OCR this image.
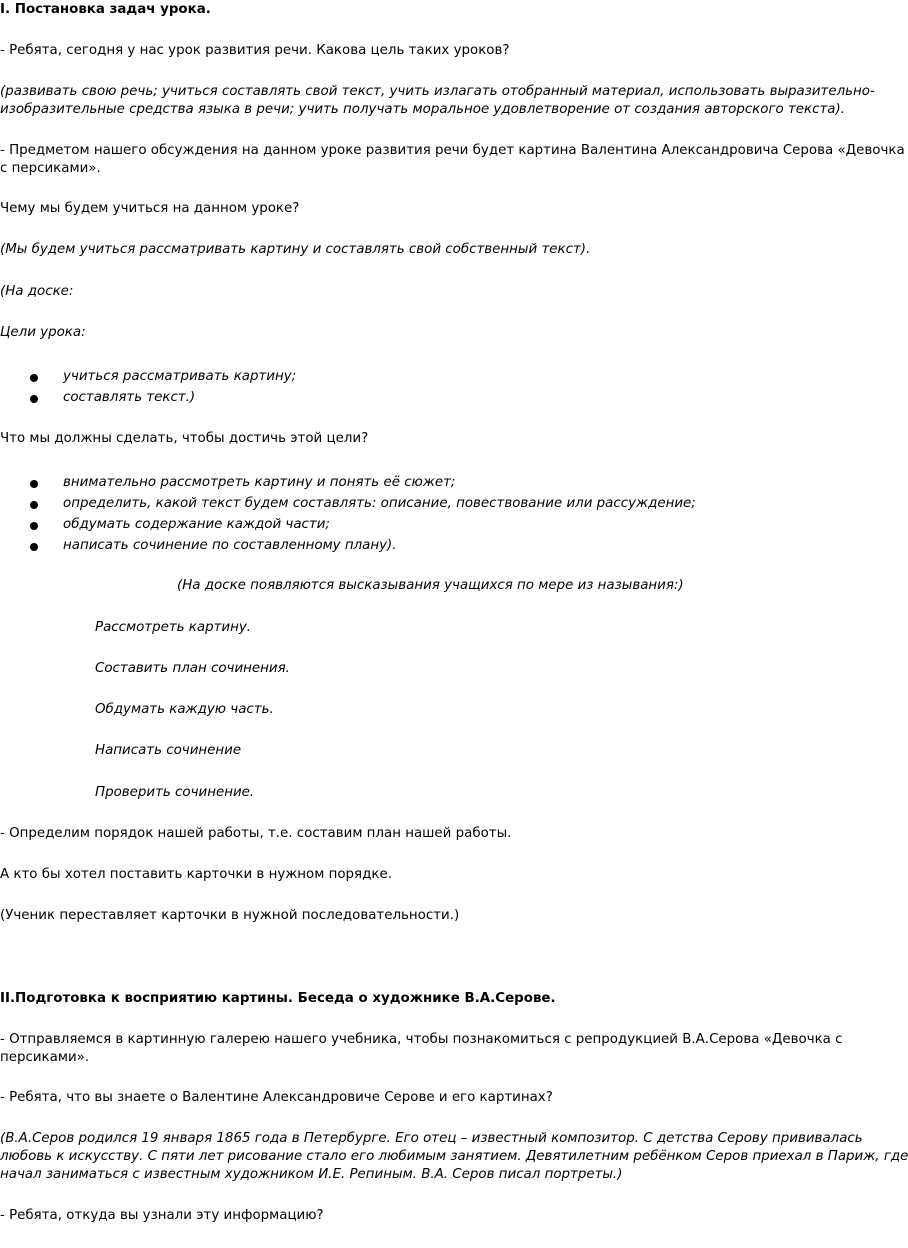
I. Постановка задач урока.

- Ребята, сегодня у нас урок развития речи. Какова цель таких уроков?

(развивать свою речь; учиться составлять свой текст, учить излагать отобранный материал, использовать выразительно-

изобразительные средства языка в речи; учить получать моральное удовлетворение от создания авторского текста).

- Предметом нашего обсуждения на данном уроке развития речи будет картина Валентина Александровича Серова «Девочка

с персиками».

Чему мы будем учиться на данном уроке?

(Мы будем учиться рассматривать картину и составлять свой собственный текст).

(На доске:

Цели урока:

учиться рассматривать картину;

составлять текст.)

Что мы должны сделать, чтобы достичь этой цели?

внимательно рассмотреть картину и понять её сюжет;

определить, какой текст будем составлять: описание, повествование или рассуждение;

обдумать содержание каждой части;

написать сочинение по составленному плану).

(На доске появляются высказывания учащихся по мере из называния:)

Рассмотреть картину.

Составить план сочинения.

Обдумать каждую часть.

Написать сочинение

Проверить сочинение.

- Определим порядок нашей работы, т.е. составим план нашей работы.

А кто бы хотел поставить карточки в нужном порядке.

(Ученик переставляет карточки в нужной последовательности.)

II.Подготовка к восприятию картины. Беседа о художнике В.А.Серове.

- Отправляемся в картинную галерею нашего учебника, чтобы познакомиться с репродукцией В.А.Серова «Девочка с

персиками».

- Ребята, что вы знаете о Валентине Александровиче Серове и его картинах?

(В.А.Серов родился 19 января 1865 года в Петербурге. Его отец – известный композитор. С детства Серову прививалась

любовь к искусству. С пяти лет рисование стало его любимым занятием. Девятилетним ребёнком Серов приехал в Париж, где

начал заниматься с известным художником И.Е. Репиным. В.А. Серов писал портреты.)

- Ребята, откуда вы узнали эту информацию?
